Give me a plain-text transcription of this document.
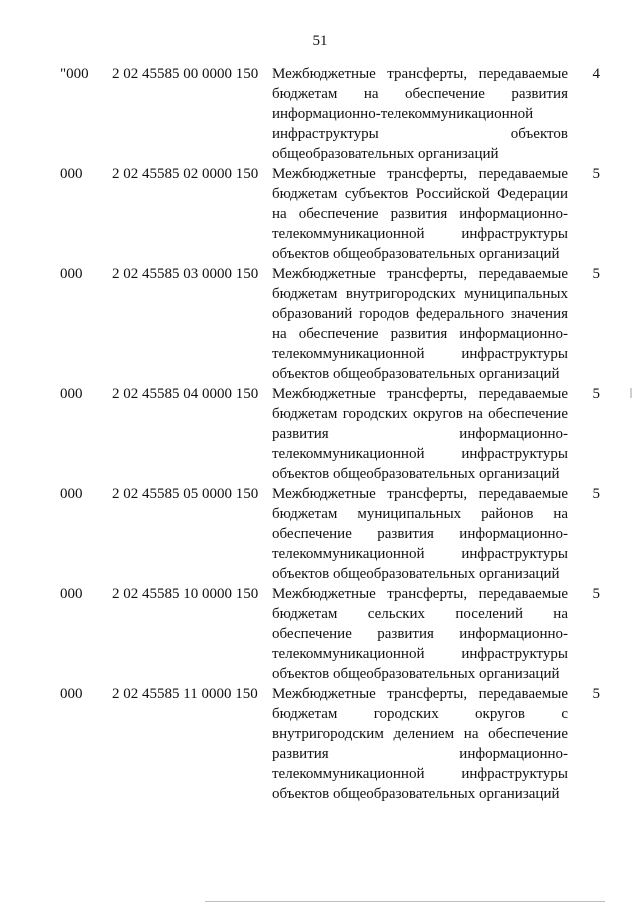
51
"000	2 02 45585 00 0000 150	Межбюджетные трансферты, передаваемые бюджетам на обеспечение развития информационно-телекоммуникационной инфраструктуры объектов общеобразовательных организаций	4
000	2 02 45585 02 0000 150	Межбюджетные трансферты, передаваемые бюджетам субъектов Российской Федерации на обеспечение развития информационно-телекоммуникационной инфраструктуры объектов общеобразовательных организаций	5
000	2 02 45585 03 0000 150	Межбюджетные трансферты, передаваемые бюджетам внутригородских муниципальных образований городов федерального значения на обеспечение развития информационно-телекоммуникационной инфраструктуры объектов общеобразовательных организаций	5
000	2 02 45585 04 0000 150	Межбюджетные трансферты, передаваемые бюджетам городских округов на обеспечение развития информационно-телекоммуникационной инфраструктуры объектов общеобразовательных организаций	5
000	2 02 45585 05 0000 150	Межбюджетные трансферты, передаваемые бюджетам муниципальных районов на обеспечение развития информационно-телекоммуникационной инфраструктуры объектов общеобразовательных организаций	5
000	2 02 45585 10 0000 150	Межбюджетные трансферты, передаваемые бюджетам сельских поселений на обеспечение развития информационно-телекоммуникационной инфраструктуры объектов общеобразовательных организаций	5
000	2 02 45585 11 0000 150	Межбюджетные трансферты, передаваемые бюджетам городских округов с внутригородским делением на обеспечение развития информационно-телекоммуникационной инфраструктуры объектов общеобразовательных организаций	5
